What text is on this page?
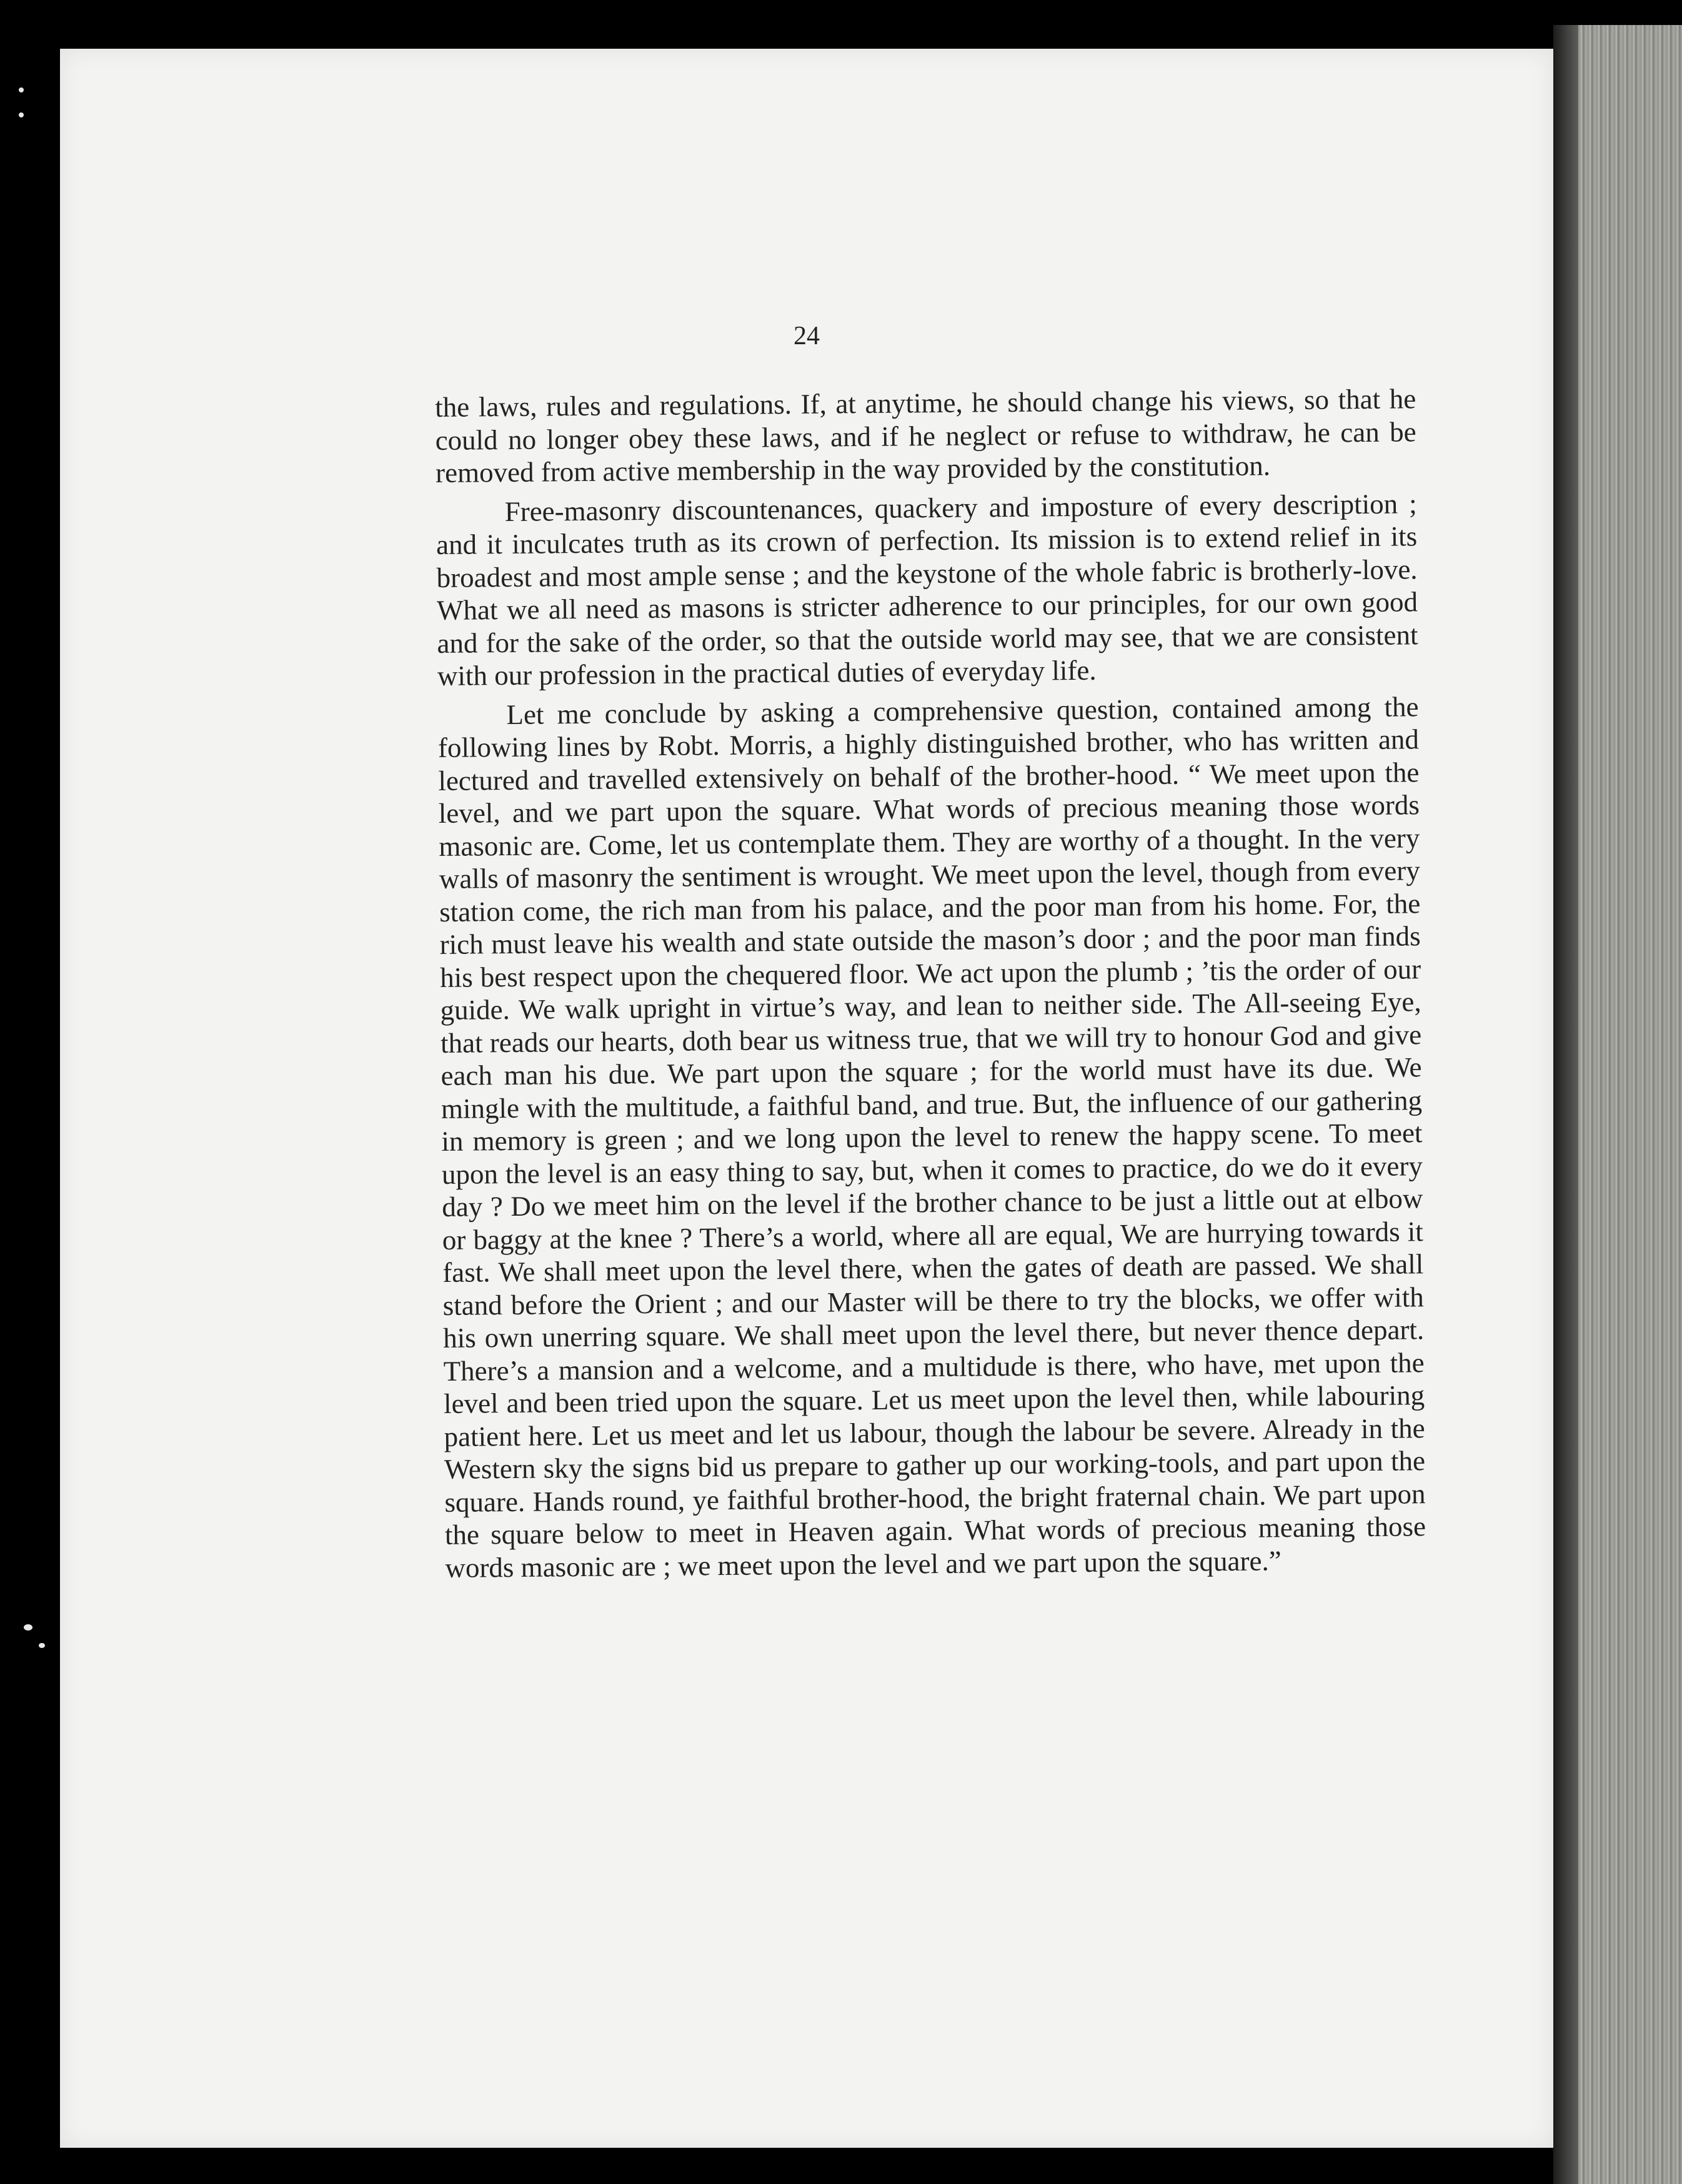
24

the laws, rules and regulations. If, at anytime, he should change his views, so that he could no longer obey these laws, and if he neglect or refuse to withdraw, he can be removed from active membership in the way provided by the constitution.

Free-masonry discountenances, quackery and imposture of every description ; and it inculcates truth as its crown of perfection. Its mission is to extend relief in its broadest and most ample sense ; and the keystone of the whole fabric is brotherly-love. What we all need as masons is stricter adherence to our principles, for our own good and for the sake of the order, so that the outside world may see, that we are consistent with our profession in the practical duties of everyday life.

Let me conclude by asking a comprehensive question, contained among the following lines by Robt. Morris, a highly distinguished brother, who has written and lectured and travelled extensively on behalf of the brother-hood. “ We meet upon the level, and we part upon the square. What words of precious meaning those words masonic are. Come, let us contemplate them. They are worthy of a thought. In the very walls of masonry the sentiment is wrought. We meet upon the level, though from every station come, the rich man from his palace, and the poor man from his home. For, the rich must leave his wealth and state outside the mason’s door ; and the poor man finds his best respect upon the chequered floor. We act upon the plumb ; ’tis the order of our guide. We walk upright in virtue’s way, and lean to neither side. The All-seeing Eye, that reads our hearts, doth bear us witness true, that we will try to honour God and give each man his due. We part upon the square ; for the world must have its due. We mingle with the multitude, a faithful band, and true. But, the influence of our gathering in memory is green ; and we long upon the level to renew the happy scene. To meet upon the level is an easy thing to say, but, when it comes to practice, do we do it every day ? Do we meet him on the level if the brother chance to be just a little out at elbow or baggy at the knee ? There’s a world, where all are equal, We are hurrying towards it fast. We shall meet upon the level there, when the gates of death are passed. We shall stand before the Orient ; and our Master will be there to try the blocks, we offer with his own unerring square. We shall meet upon the level there, but never thence depart. There’s a mansion and a welcome, and a multidude is there, who have, met upon the level and been tried upon the square. Let us meet upon the level then, while labouring patient here. Let us meet and let us labour, though the labour be severe. Already in the Western sky the signs bid us prepare to gather up our working-tools, and part upon the square. Hands round, ye faithful brother-hood, the bright fraternal chain. We part upon the square below to meet in Heaven again. What words of precious meaning those words masonic are ; we meet upon the level and we part upon the square.”
